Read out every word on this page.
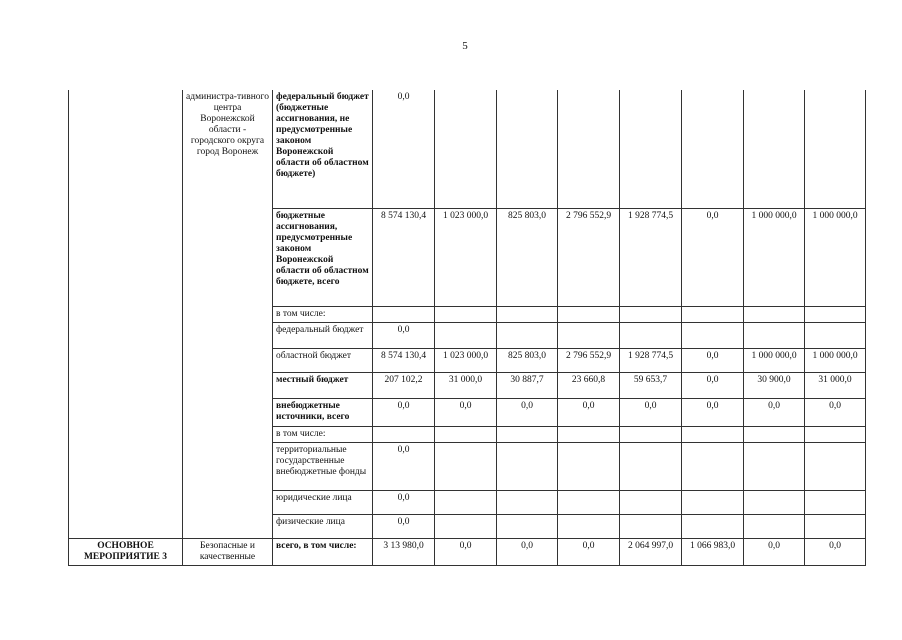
5
	администра-тивного центра Воронежской области - городского округа город Воронеж	федеральный бюджет (бюджетные ассигнования, не предусмотренные законом Воронежской области об областном бюджете)	0,0							
		бюджетные ассигнования, предусмотренные законом Воронежской области об областном бюджете, всего	8 574 130,4	1 023 000,0	825 803,0	2 796 552,9	1 928 774,5	0,0	1 000 000,0	1 000 000,0
		в том числе:								
		федеральный бюджет	0,0							
		областной бюджет	8 574 130,4	1 023 000,0	825 803,0	2 796 552,9	1 928 774,5	0,0	1 000 000,0	1 000 000,0
		местный бюджет	207 102,2	31 000,0	30 887,7	23 660,8	59 653,7	0,0	30 900,0	31 000,0
		внебюджетные источники, всего	0,0	0,0	0,0	0,0	0,0	0,0	0,0	0,0
		в том числе:								
		территориальные государственные внебюджетные фонды	0,0							
		юридические лица	0,0							
		физические лица	0,0							
ОСНОВНОЕ МЕРОПРИЯТИЕ 3	Безопасные и качественные	всего, в том числе:	3 13 980,0	0,0	0,0	0,0	2 064 997,0	1 066 983,0	0,0	0,0
